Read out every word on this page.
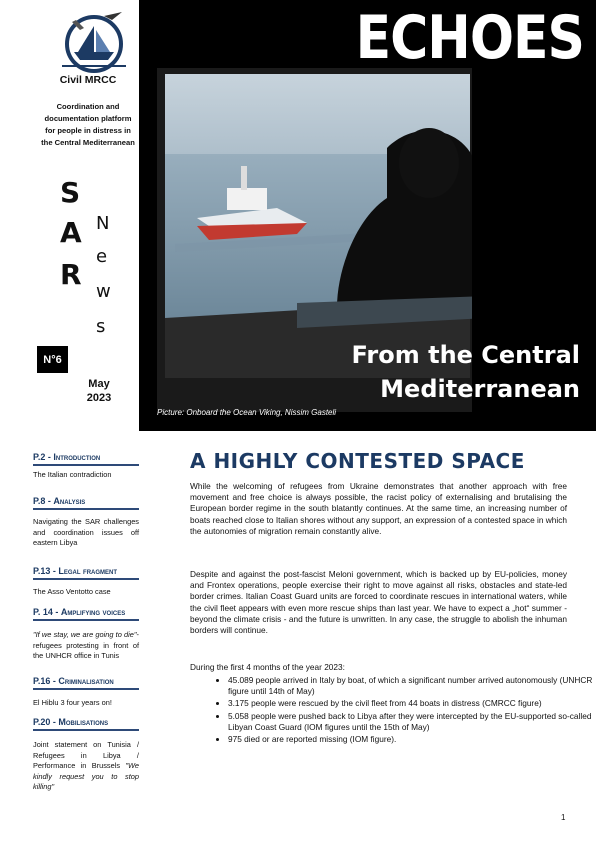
Civil MRCC
Coordination and documentation platform for people in distress in the Central Mediterranean
S
A
R
N
e
w
s
N°6
May
2023
ECHOES
From the Central
Mediterranean
Picture: Onboard the Ocean Viking, Nissim Gasteli
P.2 - Introduction
The Italian contradiction
P.8 - Analysis
Navigating the SAR challenges and coordination issues off eastern Libya
P.13 - Legal fragment
The Asso Ventotto case
P. 14 - Amplifying voices
"If we stay, we are going to die"- refugees protesting in front of the UNHCR office in Tunis
P.16 - Criminalisation
El Hiblu 3 four years on!
P.20 - Mobilisations
Joint statement on Tunisia / Refugees in Libya / Performance in Brussels "We kindly request you to stop killing"
A HIGHLY CONTESTED SPACE
While the welcoming of refugees from Ukraine demonstrates that another approach with free movement and free choice is always possible, the racist policy of externalising and brutalising the European border regime in the south blatantly continues. At the same time, an increasing number of boats reached close to Italian shores without any support, an expression of a contested space in which the autonomies of migration remain constantly alive.
Despite and against the post-fascist Meloni government, which is backed up by EU-policies, money and Frontex operations, people exercise their right to move against all risks, obstacles and state-led border crimes. Italian Coast Guard units are forced to coordinate rescues in international waters, while the civil fleet appears with even more rescue ships than last year. We have to expect a „hot“ summer - beyond the climate crisis - and the future is unwritten. In any case, the struggle to abolish the inhuman borders will continue.
During the first 4 months of the year 2023:
• 45.089 people arrived in Italy by boat, of which a significant number arrived autonomously (UNHCR figure until 14th of May)
• 3.175 people were rescued by the civil fleet from 44 boats in distress (CMRCC figure)
• 5.058 people were pushed back to Libya after they were intercepted by the EU-supported so-called Libyan Coast Guard (IOM figures until the 15th of May)
• 975 died or are reported missing (IOM figure).
1
